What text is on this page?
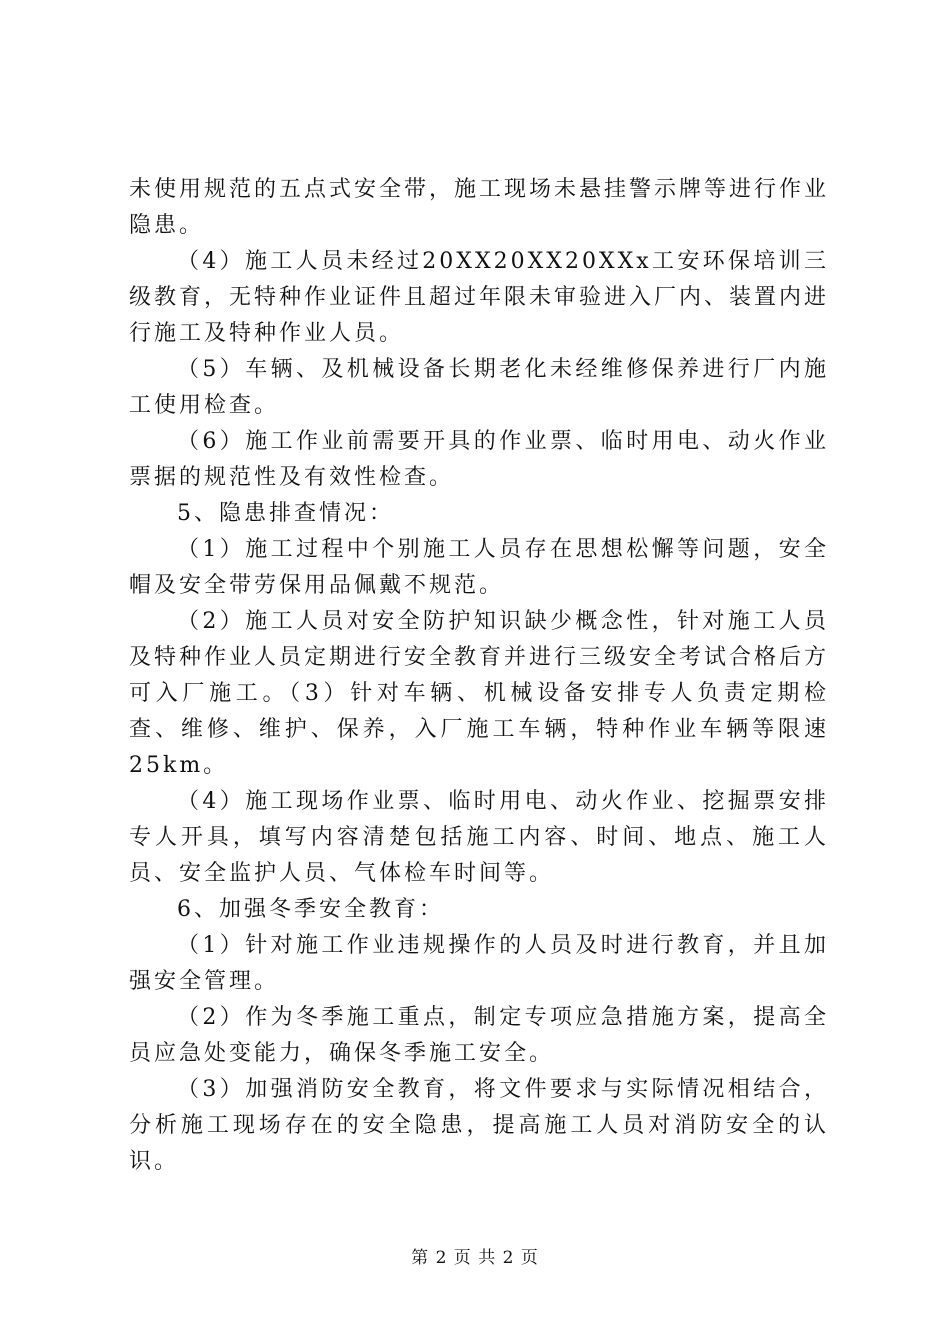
未使用规范的五点式安全带，施工现场未悬挂警示牌等进行作业隐患。

（4）施工人员未经过20XX20XX20XXx工安环保培训三级教育，无特种作业证件且超过年限未审验进入厂内、装置内进行施工及特种作业人员。

（5）车辆、及机械设备长期老化未经维修保养进行厂内施工使用检查。

（6）施工作业前需要开具的作业票、临时用电、动火作业票据的规范性及有效性检查。

5、隐患排查情况：

（1）施工过程中个别施工人员存在思想松懈等问题，安全帽及安全带劳保用品佩戴不规范。

（2）施工人员对安全防护知识缺少概念性，针对施工人员及特种作业人员定期进行安全教育并进行三级安全考试合格后方可入厂施工。（3）针对车辆、机械设备安排专人负责定期检查、维修、维护、保养，入厂施工车辆，特种作业车辆等限速25km。

（4）施工现场作业票、临时用电、动火作业、挖掘票安排专人开具，填写内容清楚包括施工内容、时间、地点、施工人员、安全监护人员、气体检车时间等。

6、加强冬季安全教育：

（1）针对施工作业违规操作的人员及时进行教育，并且加强安全管理。

（2）作为冬季施工重点，制定专项应急措施方案，提高全员应急处变能力，确保冬季施工安全。

（3）加强消防安全教育，将文件要求与实际情况相结合，分析施工现场存在的安全隐患，提高施工人员对消防安全的认识。

第 2 页 共 2 页
